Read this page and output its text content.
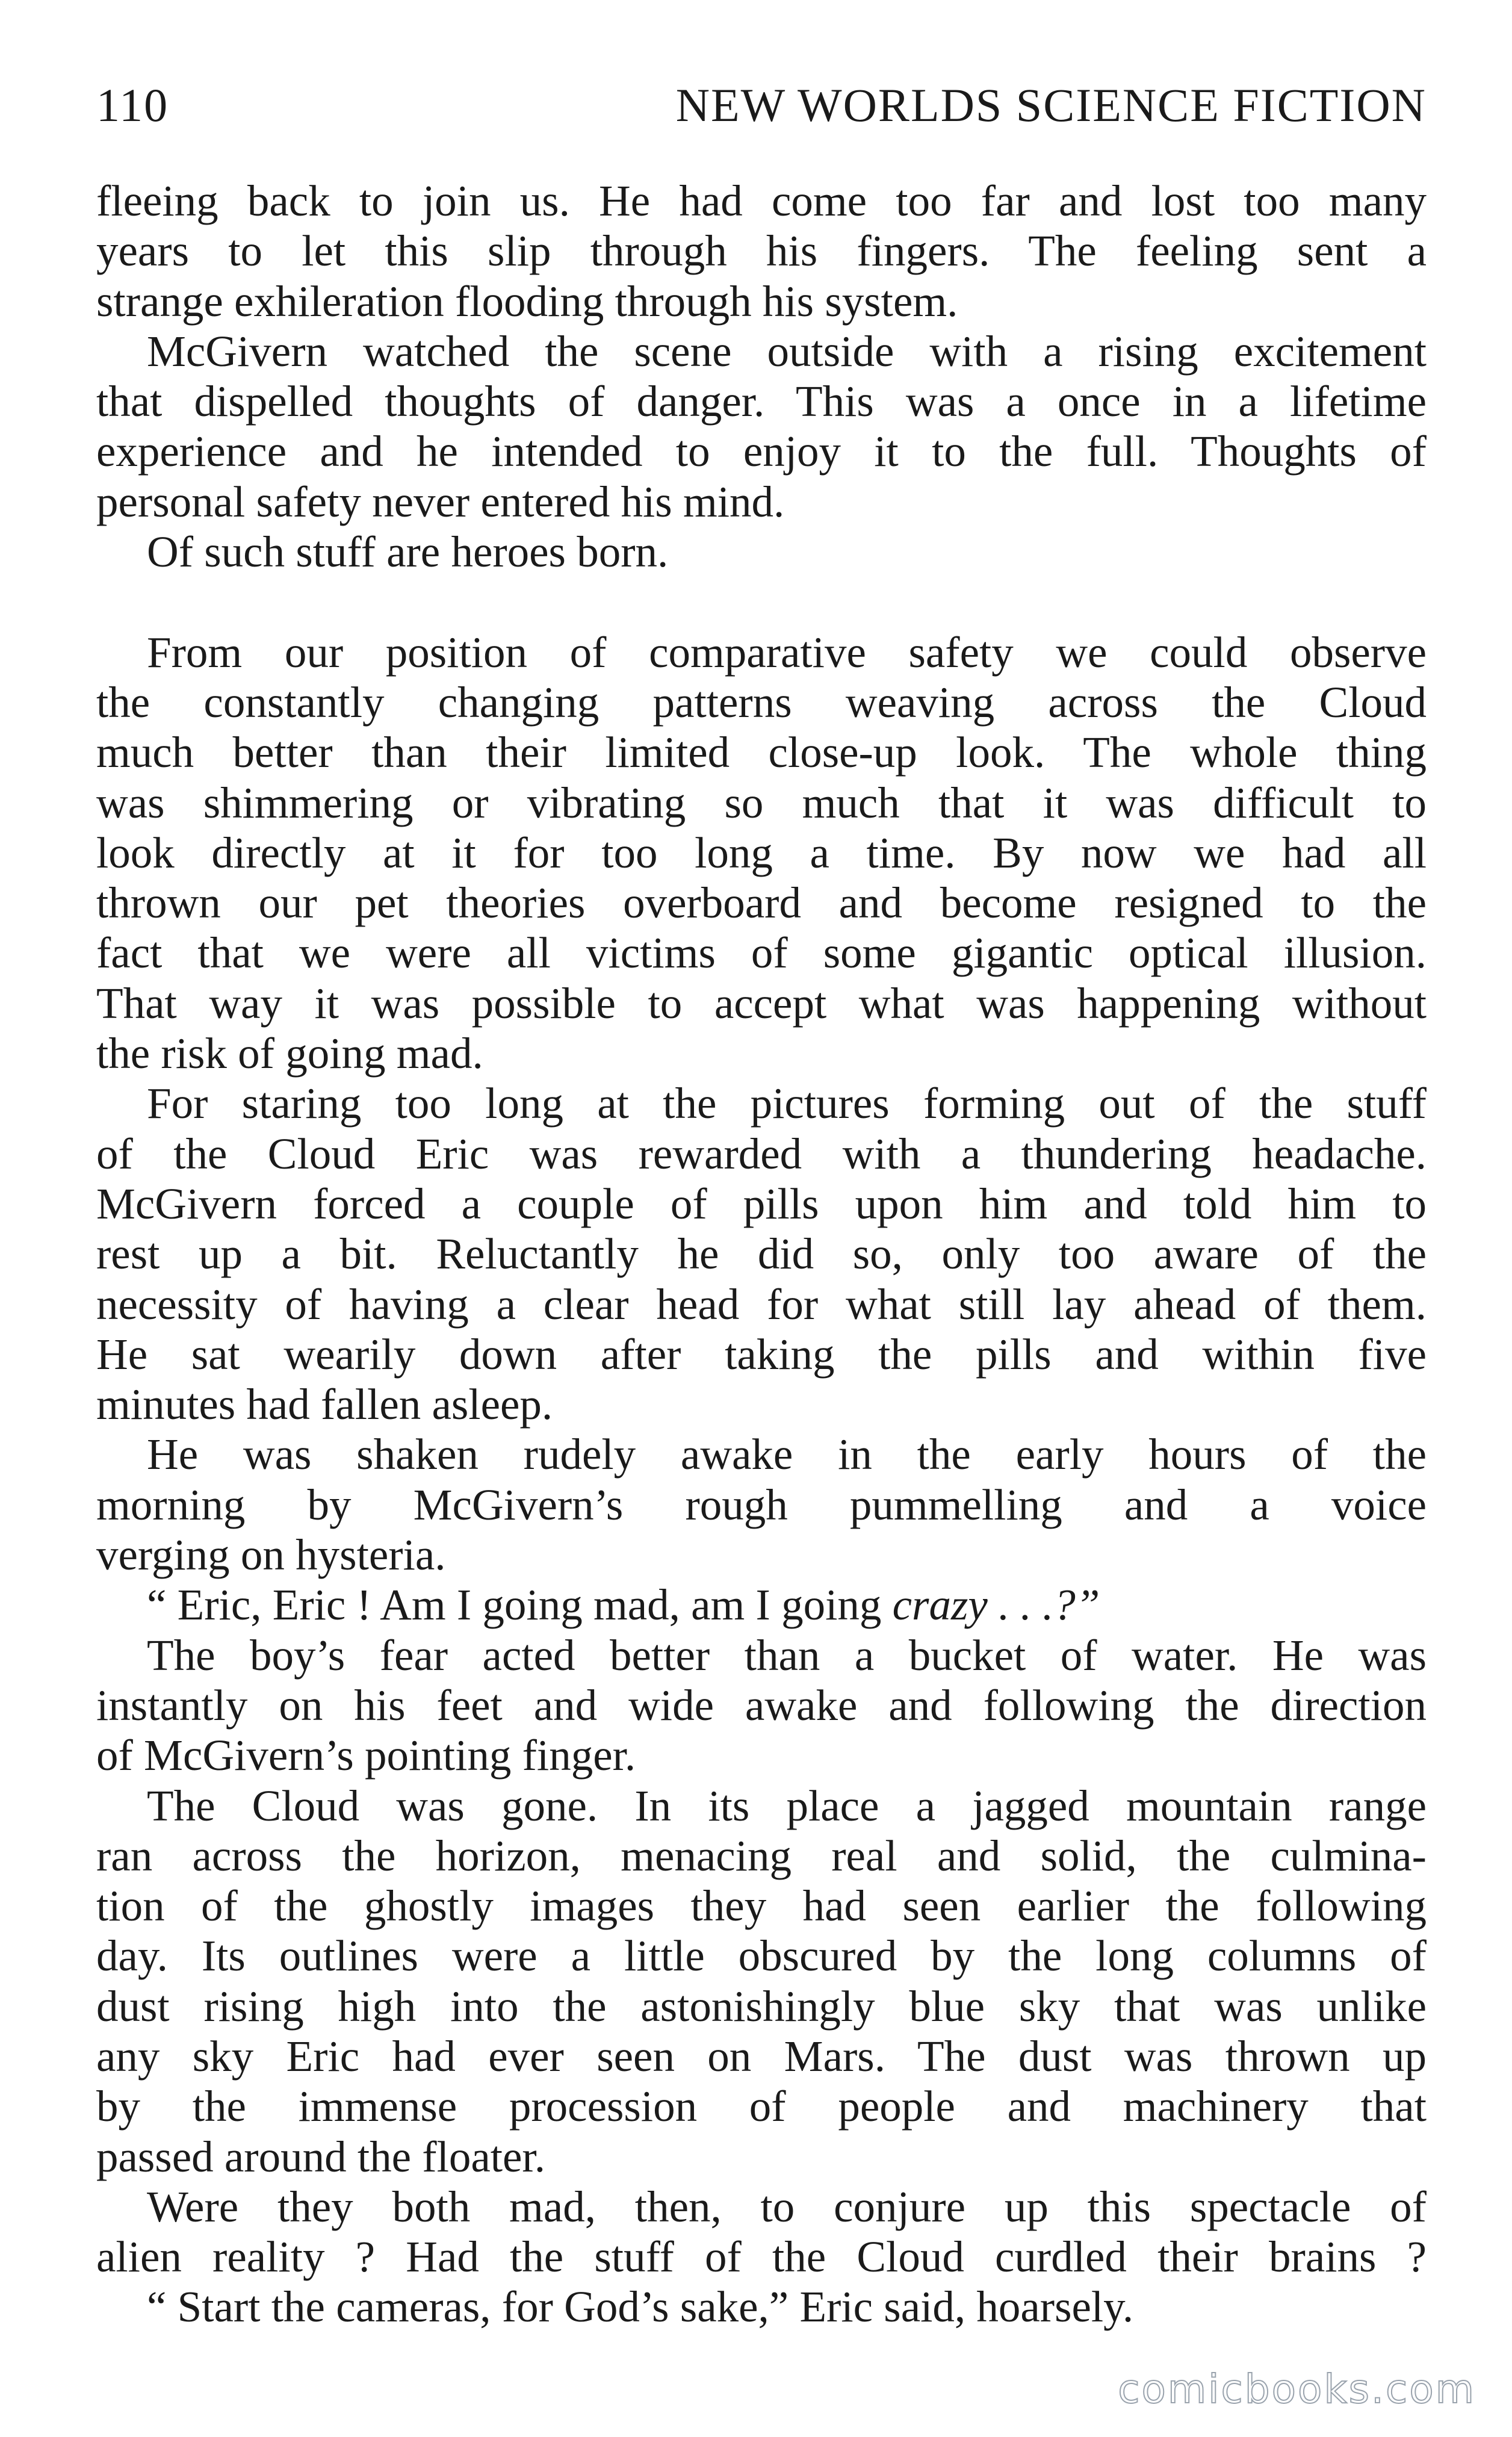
110	NEW WORLDS SCIENCE FICTION
fleeing back to join us. He had come too far and lost too many
years to let this slip through his fingers. The feeling sent a
strange exhileration flooding through his system.
McGivern watched the scene outside with a rising excitement
that dispelled thoughts of danger. This was a once in a lifetime
experience and he intended to enjoy it to the full. Thoughts of
personal safety never entered his mind.
Of such stuff are heroes born.
From our position of comparative safety we could observe
the constantly changing patterns weaving across the Cloud
much better than their limited close-up look. The whole thing
was shimmering or vibrating so much that it was difficult to
look directly at it for too long a time. By now we had all
thrown our pet theories overboard and become resigned to the
fact that we were all victims of some gigantic optical illusion.
That way it was possible to accept what was happening without
the risk of going mad.
For staring too long at the pictures forming out of the stuff
of the Cloud Eric was rewarded with a thundering headache.
McGivern forced a couple of pills upon him and told him to
rest up a bit. Reluctantly he did so, only too aware of the
necessity of having a clear head for what still lay ahead of them.
He sat wearily down after taking the pills and within five
minutes had fallen asleep.
He was shaken rudely awake in the early hours of the
morning by McGivern’s rough pummelling and a voice
verging on hysteria.
“ Eric, Eric ! Am I going mad, am I going crazy . . .?”
The boy’s fear acted better than a bucket of water. He was
instantly on his feet and wide awake and following the direction
of McGivern’s pointing finger.
The Cloud was gone. In its place a jagged mountain range
ran across the horizon, menacing real and solid, the culmina-
tion of the ghostly images they had seen earlier the following
day. Its outlines were a little obscured by the long columns of
dust rising high into the astonishingly blue sky that was unlike
any sky Eric had ever seen on Mars. The dust was thrown up
by the immense procession of people and machinery that
passed around the floater.
Were they both mad, then, to conjure up this spectacle of
alien reality ? Had the stuff of the Cloud curdled their brains ?
“ Start the cameras, for God’s sake,” Eric said, hoarsely.
comicbooks.com
